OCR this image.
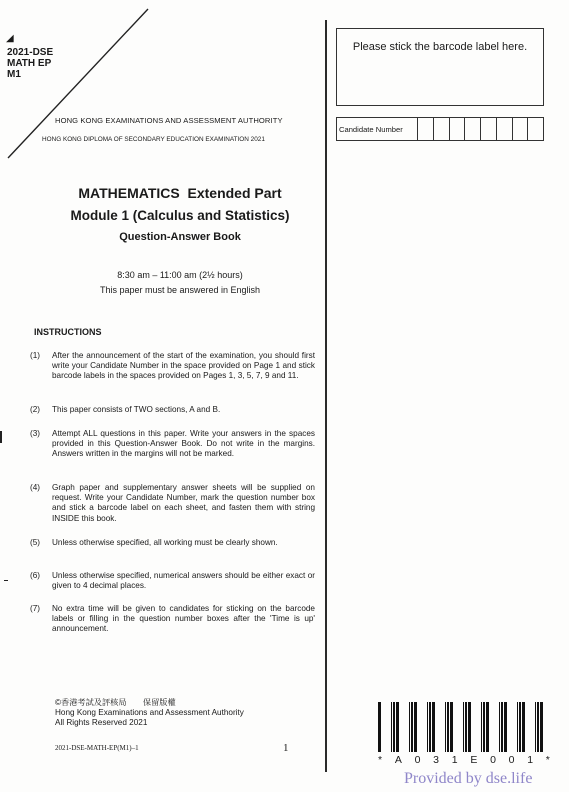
◢
2021-DSE
MATH EP
M1
HONG KONG EXAMINATIONS AND ASSESSMENT AUTHORITY
HONG KONG DIPLOMA OF SECONDARY EDUCATION EXAMINATION 2021
MATHEMATICS Extended Part
Module 1 (Calculus and Statistics)
Question-Answer Book
8:30 am – 11:00 am (2½ hours)
This paper must be answered in English
INSTRUCTIONS
(1) After the announcement of the start of the examination, you should first write your Candidate Number in the space provided on Page 1 and stick barcode labels in the spaces provided on Pages 1, 3, 5, 7, 9 and 11.
(2) This paper consists of TWO sections, A and B.
(3) Attempt ALL questions in this paper. Write your answers in the spaces provided in this Question-Answer Book. Do not write in the margins. Answers written in the margins will not be marked.
(4) Graph paper and supplementary answer sheets will be supplied on request. Write your Candidate Number, mark the question number box and stick a barcode label on each sheet, and fasten them with string INSIDE this book.
(5) Unless otherwise specified, all working must be clearly shown.
(6) Unless otherwise specified, numerical answers should be either exact or given to 4 decimal places.
(7) No extra time will be given to candidates for sticking on the barcode labels or filling in the question number boxes after the 'Time is up' announcement.
©香港考試及評核局　　保留版權
Hong Kong Examinations and Assessment Authority
All Rights Reserved 2021
2021-DSE-MATH-EP(M1)–1	1
Please stick the barcode label here.
Candidate Number
* A 0 3 1 E 0 0 1 *
Provided by dse.life
